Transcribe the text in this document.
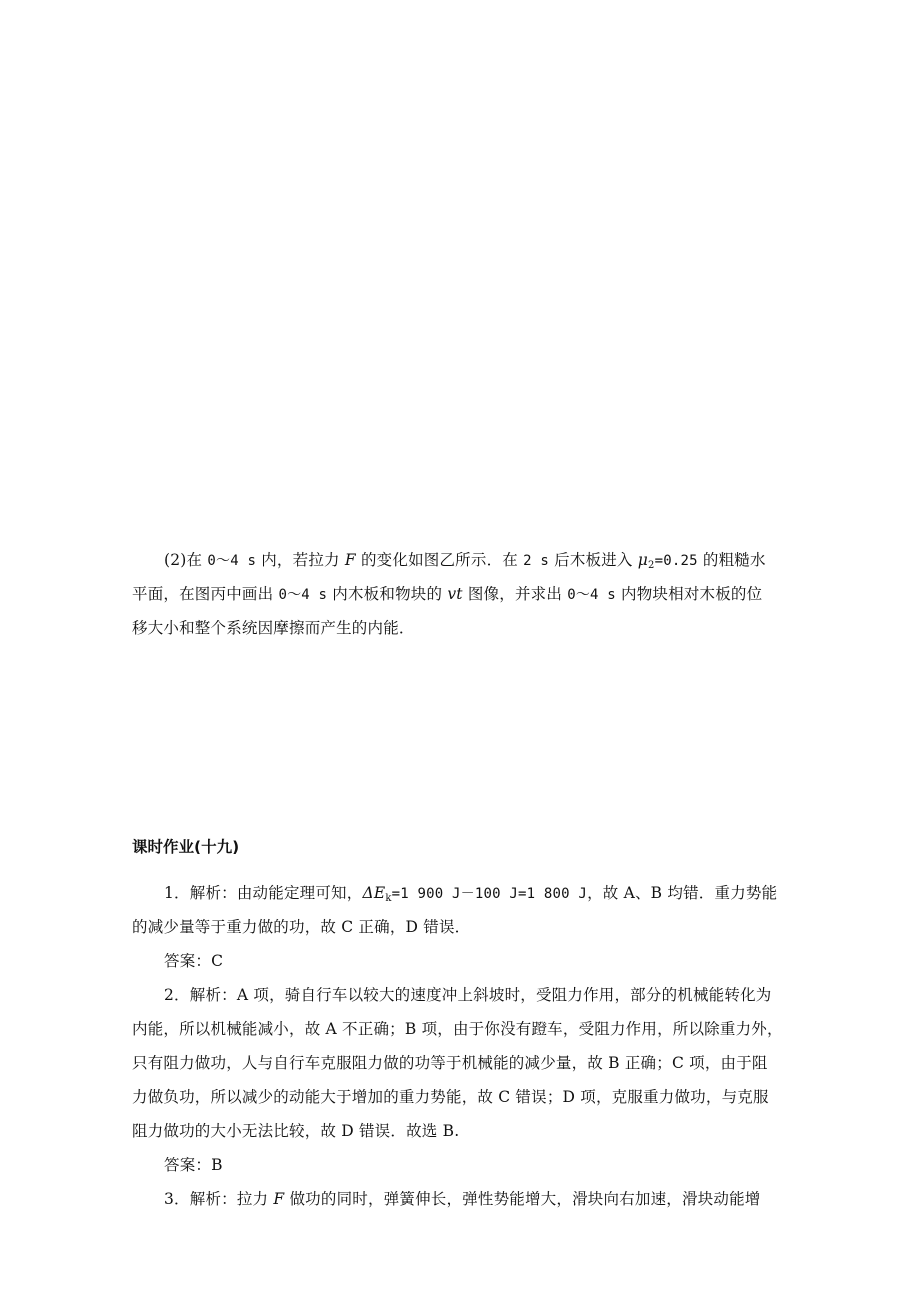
(2)在 0～4 s 内，若拉力 F 的变化如图乙所示．在 2 s 后木板进入 $\mu_2=0.25$ 的粗糙水
平面，在图丙中画出 0～4 s 内木板和物块的 vt 图像，并求出 0～4 s 内物块相对木板的位
移大小和整个系统因摩擦而产生的内能．
课时作业(十九)
1．解析：由动能定理可知，$\Delta E_k=1$ 900 J－100 J=1 800 J，故 A、B 均错．重力势能
的减少量等于重力做的功，故 C 正确，D 错误．
答案：C
2．解析：A 项，骑自行车以较大的速度冲上斜坡时，受阻力作用，部分的机械能转化为
内能，所以机械能减小，故 A 不正确；B 项，由于你没有蹬车，受阻力作用，所以除重力外，
只有阻力做功，人与自行车克服阻力做的功等于机械能的减少量，故 B 正确；C 项，由于阻
力做负功，所以减少的动能大于增加的重力势能，故 C 错误；D 项，克服重力做功，与克服
阻力做功的大小无法比较，故 D 错误．故选 B.
答案：B
3．解析：拉力 F 做功的同时，弹簧伸长，弹性势能增大，滑块向右加速，滑块动能增
